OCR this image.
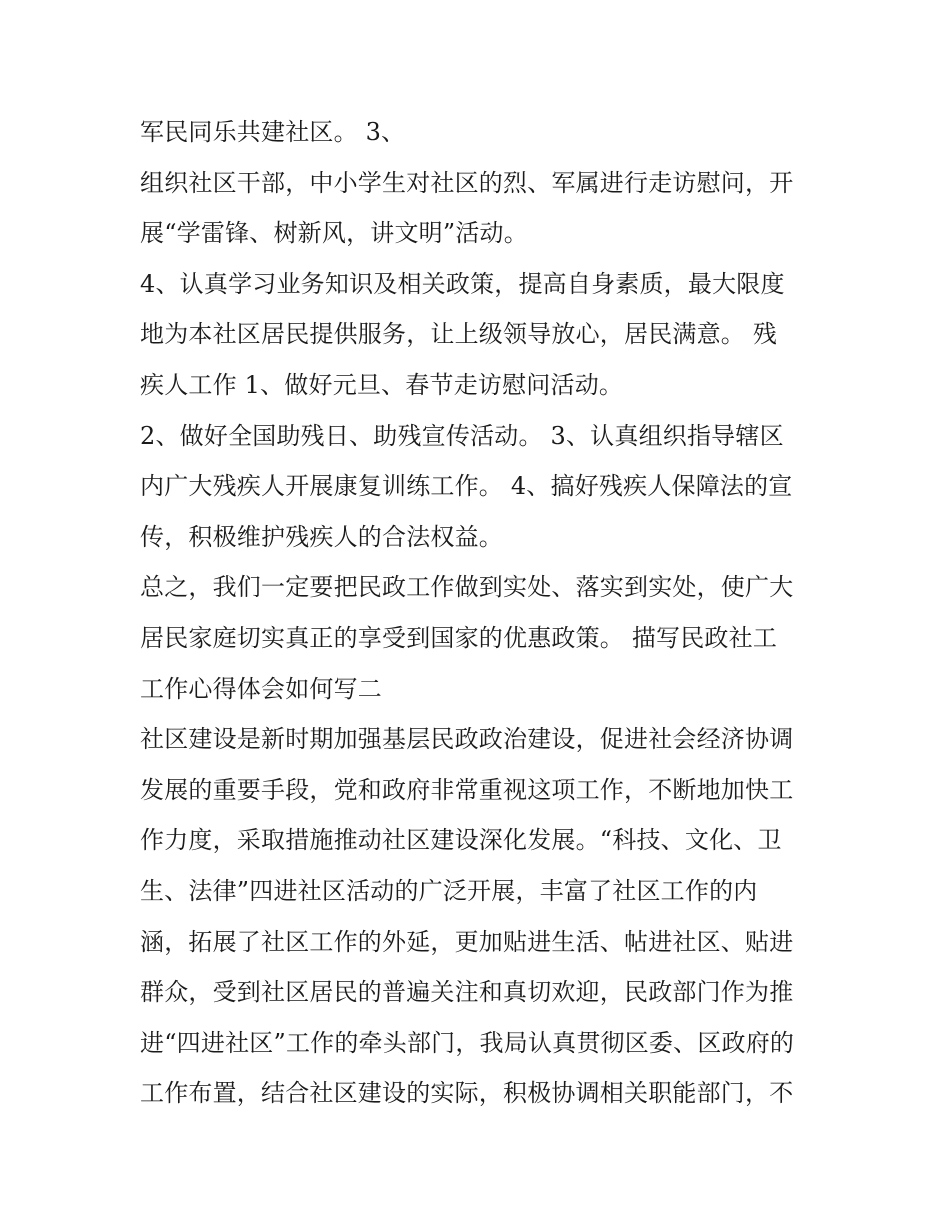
军民同乐共建社区。 3、
组织社区干部，中小学生对社区的烈、军属进行走访慰问，开
展“学雷锋、树新风，讲文明”活动。
4、认真学习业务知识及相关政策，提高自身素质，最大限度
地为本社区居民提供服务，让上级领导放心，居民满意。 残
疾人工作 1、做好元旦、春节走访慰问活动。
2、做好全国助残日、助残宣传活动。 3、认真组织指导辖区
内广大残疾人开展康复训练工作。 4、搞好残疾人保障法的宣
传，积极维护残疾人的合法权益。
总之，我们一定要把民政工作做到实处、落实到实处，使广大
居民家庭切实真正的享受到国家的优惠政策。 描写民政社工
工作心得体会如何写二
社区建设是新时期加强基层民政政治建设，促进社会经济协调
发展的重要手段，党和政府非常重视这项工作，不断地加快工
作力度，采取措施推动社区建设深化发展。“科技、文化、卫
生、法律”四进社区活动的广泛开展，丰富了社区工作的内
涵，拓展了社区工作的外延，更加贴进生活、帖进社区、贴进
群众，受到社区居民的普遍关注和真切欢迎，民政部门作为推
进“四进社区”工作的牵头部门，我局认真贯彻区委、区政府的
工作布置，结合社区建设的实际，积极协调相关职能部门，不
